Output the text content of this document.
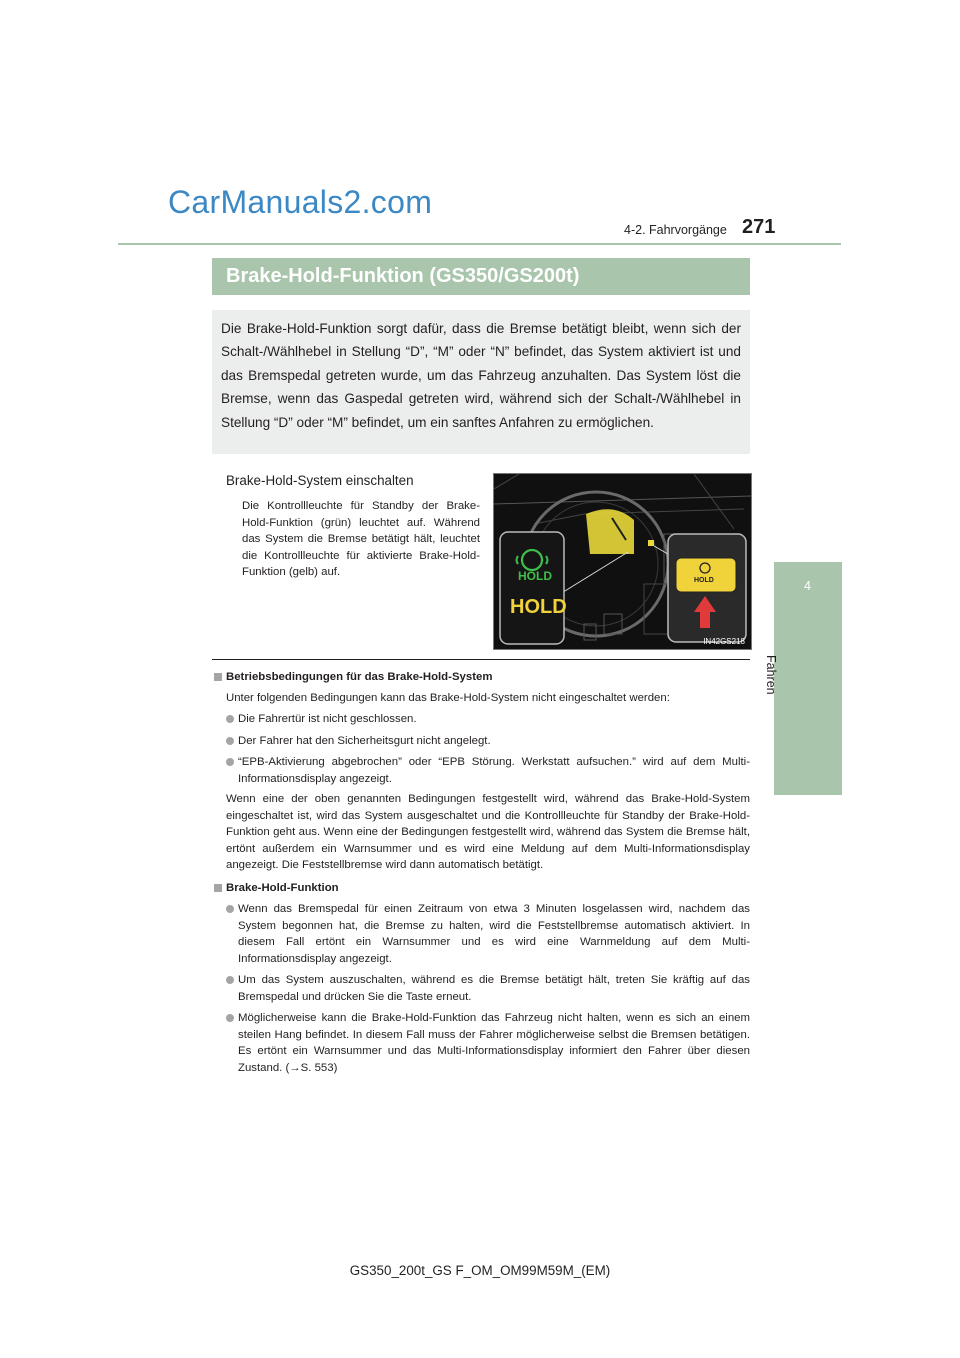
CarManuals2.com
4-2. Fahrvorgänge 271
4
Fahren
Brake-Hold-Funktion (GS350/GS200t)
Die Brake-Hold-Funktion sorgt dafür, dass die Bremse betätigt bleibt, wenn sich der Schalt-/Wählhebel in Stellung “D”, “M” oder “N” befindet, das System aktiviert ist und das Bremspedal getreten wurde, um das Fahrzeug anzuhalten. Das System löst die Bremse, wenn das Gaspedal getreten wird, während sich der Schalt-/Wählhebel in Stellung “D” oder “M” befindet, um ein sanftes Anfahren zu ermöglichen.
Brake-Hold-System einschalten
Die Kontrollleuchte für Standby der Brake-Hold-Funktion (grün) leuchtet auf. Während das System die Bremse betätigt hält, leuchtet die Kontrollleuchte für aktivierte Brake-Hold-Funktion (gelb) auf.	HOLD
HOLD
HOLD
IN42GS218
Betriebsbedingungen für das Brake-Hold-System
Unter folgenden Bedingungen kann das Brake-Hold-System nicht eingeschaltet werden:
Die Fahrertür ist nicht geschlossen.
Der Fahrer hat den Sicherheitsgurt nicht angelegt.
“EPB-Aktivierung abgebrochen” oder “EPB Störung. Werkstatt aufsuchen.” wird auf dem Multi-Informationsdisplay angezeigt.
Wenn eine der oben genannten Bedingungen festgestellt wird, während das Brake-Hold-System eingeschaltet ist, wird das System ausgeschaltet und die Kontrollleuchte für Standby der Brake-Hold-Funktion geht aus. Wenn eine der Bedingungen festgestellt wird, während das System die Bremse hält, ertönt außerdem ein Warnsummer und es wird eine Meldung auf dem Multi-Informationsdisplay angezeigt. Die Feststellbremse wird dann automatisch betätigt.
Brake-Hold-Funktion
Wenn das Bremspedal für einen Zeitraum von etwa 3 Minuten losgelassen wird, nachdem das System begonnen hat, die Bremse zu halten, wird die Feststellbremse automatisch aktiviert. In diesem Fall ertönt ein Warnsummer und es wird eine Warnmeldung auf dem Multi-Informationsdisplay angezeigt.
Um das System auszuschalten, während es die Bremse betätigt hält, treten Sie kräftig auf das Bremspedal und drücken Sie die Taste erneut.
Möglicherweise kann die Brake-Hold-Funktion das Fahrzeug nicht halten, wenn es sich an einem steilen Hang befindet. In diesem Fall muss der Fahrer möglicherweise selbst die Bremsen betätigen. Es ertönt ein Warnsummer und das Multi-Informationsdisplay informiert den Fahrer über diesen Zustand. (→S. 553)
GS350_200t_GS F_OM_OM99M59M_(EM)
